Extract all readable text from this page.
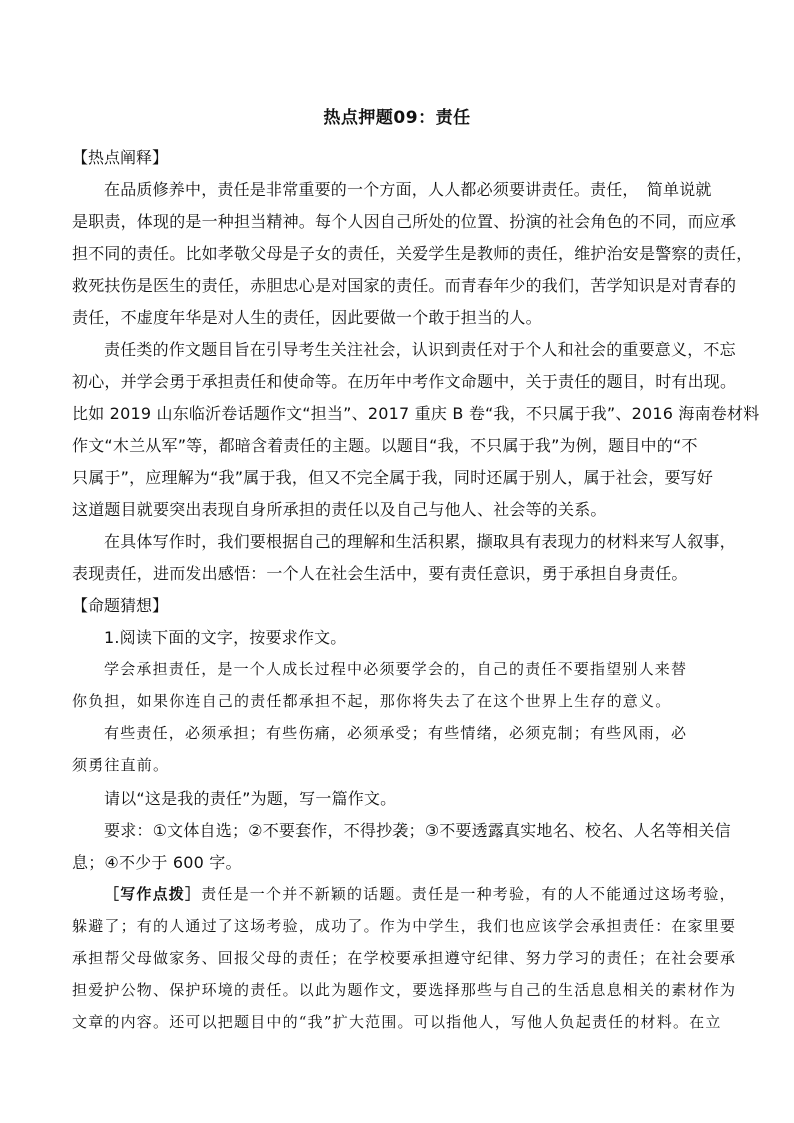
热点押题09：责任
【热点阐释】
在品质修养中，责任是非常重要的一个方面，人人都必须要讲责任。责任，　简单说就
是职责，体现的是一种担当精神。每个人因自己所处的位置、扮演的社会角色的不同，而应承
担不同的责任。比如孝敬父母是子女的责任，关爱学生是教师的责任，维护治安是警察的责任，
救死扶伤是医生的责任，赤胆忠心是对国家的责任。而青春年少的我们，苦学知识是对青春的
责任，不虚度年华是对人生的责任，因此要做一个敢于担当的人。
责任类的作文题目旨在引导考生关注社会，认识到责任对于个人和社会的重要意义，不忘
初心，并学会勇于承担责任和使命等。在历年中考作文命题中，关于责任的题目，时有出现。
比如 2019 山东临沂卷话题作文“担当”、2017 重庆 B 卷“我，不只属于我”、2016 海南卷材料
作文“木兰从军”等，都暗含着责任的主题。以题目“我，不只属于我”为例，题目中的“不
只属于”，应理解为“我”属于我，但又不完全属于我，同时还属于别人，属于社会，要写好
这道题目就要突出表现自身所承担的责任以及自己与他人、社会等的关系。
在具体写作时，我们要根据自己的理解和生活积累，撷取具有表现力的材料来写人叙事，
表现责任，进而发出感悟：一个人在社会生活中，要有责任意识，勇于承担自身责任。
【命题猜想】
1.阅读下面的文字，按要求作文。
学会承担责任，是一个人成长过程中必须要学会的，自己的责任不要指望别人来替
你负担，如果你连自己的责任都承担不起，那你将失去了在这个世界上生存的意义。
有些责任，必须承担；有些伤痛，必须承受；有些情绪，必须克制；有些风雨，必
须勇往直前。
请以“这是我的责任”为题，写一篇作文。
要求：①文体自选；②不要套作，不得抄袭；③不要透露真实地名、校名、人名等相关信
息；④不少于 600 字。
［写作点拨］责任是一个并不新颖的话题。责任是一种考验，有的人不能通过这场考验，
躲避了；有的人通过了这场考验，成功了。作为中学生，我们也应该学会承担责任：在家里要
承担帮父母做家务、回报父母的责任；在学校要承担遵守纪律、努力学习的责任；在社会要承
担爱护公物、保护环境的责任。以此为题作文，要选择那些与自己的生活息息相关的素材作为
文章的内容。还可以把题目中的“我”扩大范围。可以指他人，写他人负起责任的材料。在立
